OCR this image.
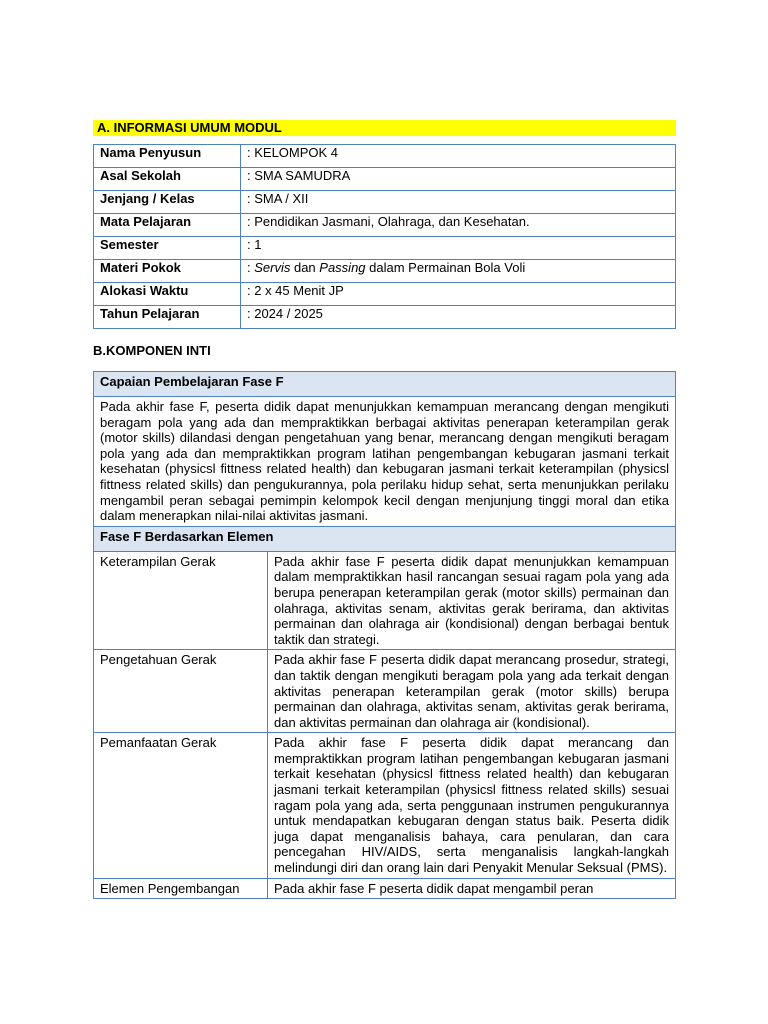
A. INFORMASI UMUM MODUL
Nama Penyusun	: KELOMPOK 4
Asal Sekolah	: SMA SAMUDRA
Jenjang / Kelas	: SMA / XII
Mata Pelajaran	: Pendidikan Jasmani, Olahraga, dan Kesehatan.
Semester	: 1
Materi Pokok	: Servis dan Passing dalam Permainan Bola Voli
Alokasi Waktu	: 2 x 45 Menit JP
Tahun Pelajaran	: 2024 / 2025
B.KOMPONEN INTI
Capaian Pembelajaran Fase F	
Pada akhir fase F, peserta didik dapat menunjukkan kemampuan merancang dengan mengikuti beragam pola yang ada dan mempraktikkan berbagai aktivitas penerapan keterampilan gerak (motor skills) dilandasi dengan pengetahuan yang benar, merancang dengan mengikuti beragam pola yang ada dan mempraktikkan program latihan pengembangan kebugaran jasmani terkait kesehatan (physicsl fittness related health) dan kebugaran jasmani terkait keterampilan (physicsl fittness related skills) dan pengukurannya, pola perilaku hidup sehat, serta menunjukkan perilaku mengambil peran sebagai pemimpin kelompok kecil dengan menjunjung tinggi moral dan etika dalam menerapkan nilai-nilai aktivitas jasmani.	
Fase F Berdasarkan Elemen	
Keterampilan Gerak	Pada akhir fase F peserta didik dapat menunjukkan kemampuan dalam mempraktikkan hasil rancangan sesuai ragam pola yang ada berupa penerapan keterampilan gerak (motor skills) permainan dan olahraga, aktivitas senam, aktivitas gerak berirama, dan aktivitas permainan dan olahraga air (kondisional) dengan berbagai bentuk taktik dan strategi.
Pengetahuan Gerak	Pada akhir fase F peserta didik dapat merancang prosedur, strategi, dan taktik dengan mengikuti beragam pola yang ada terkait dengan aktivitas penerapan keterampilan gerak (motor skills) berupa permainan dan olahraga, aktivitas senam, aktivitas gerak berirama, dan aktivitas permainan dan olahraga air (kondisional).
Pemanfaatan Gerak	Pada akhir fase F peserta didik dapat merancang dan mempraktikkan program latihan pengembangan kebugaran jasmani terkait kesehatan (physicsl fittness related health) dan kebugaran jasmani terkait keterampilan (physicsl fittness related skills) sesuai ragam pola yang ada, serta penggunaan instrumen pengukurannya untuk mendapatkan kebugaran dengan status baik. Peserta didik juga dapat menganalisis bahaya, cara penularan, dan cara pencegahan HIV/AIDS, serta menganalisis langkah-langkah melindungi diri dan orang lain dari Penyakit Menular Seksual (PMS).
Elemen Pengembangan	Pada akhir fase F peserta didik dapat mengambil peran
